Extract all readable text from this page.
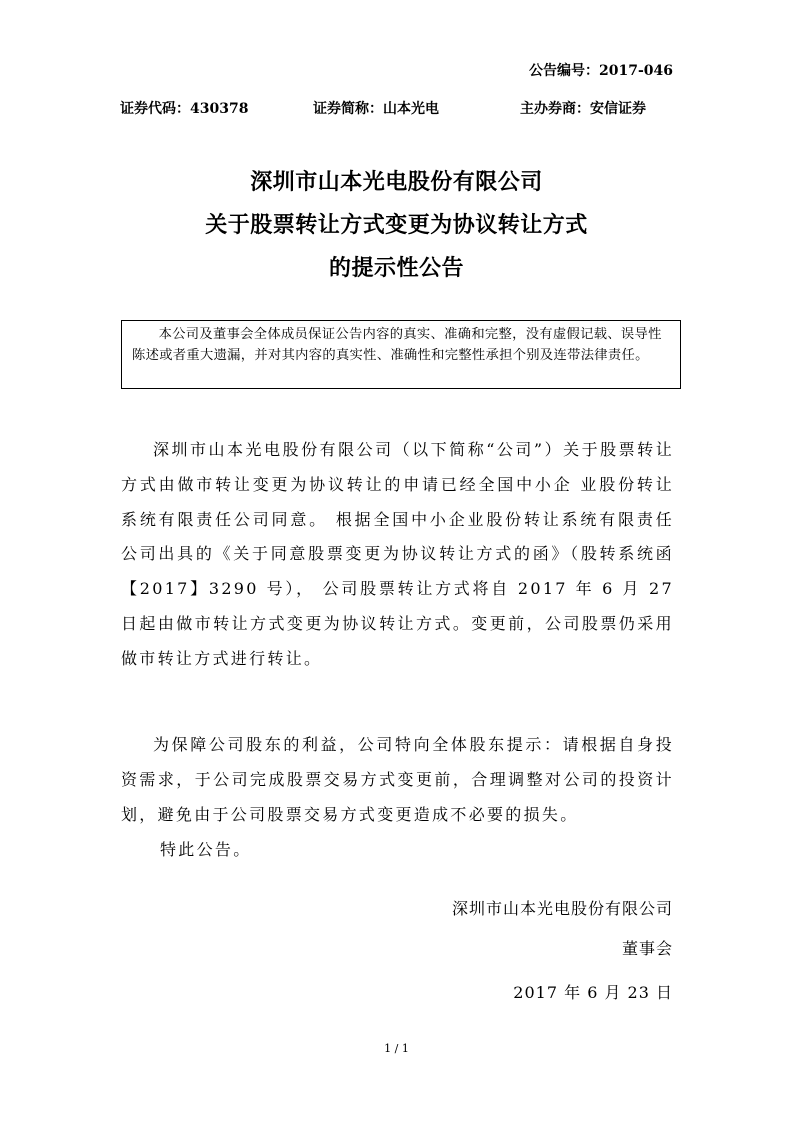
公告编号：2017-046
证券代码：430378	证券简称：山本光电	主办券商：安信证券
深圳市山本光电股份有限公司
关于股票转让方式变更为协议转让方式
的提示性公告
本公司及董事会全体成员保证公告内容的真实、准确和完整，没有虚假记载、误导性陈述或者重大遗漏，并对其内容的真实性、准确性和完整性承担个别及连带法律责任。
深圳市山本光电股份有限公司（以下简称“公司”）关于股票转让方式由做市转让变更为协议转让的申请已经全国中小企 业股份转让系统有限责任公司同意。 根据全国中小企业股份转让系统有限责任公司出具的《关于同意股票变更为协议转让方式的函》（股转系统函【2017】3290 号）， 公司股票转让方式将自 2017 年 6 月 27 日起由做市转让方式变更为协议转让方式。变更前，公司股票仍采用做市转让方式进行转让。
为保障公司股东的利益，公司特向全体股东提示：请根据自身投资需求，于公司完成股票交易方式变更前，合理调整对公司的投资计划，避免由于公司股票交易方式变更造成不必要的损失。
特此公告。
深圳市山本光电股份有限公司
董事会
2017 年 6 月 23 日
1 / 1
